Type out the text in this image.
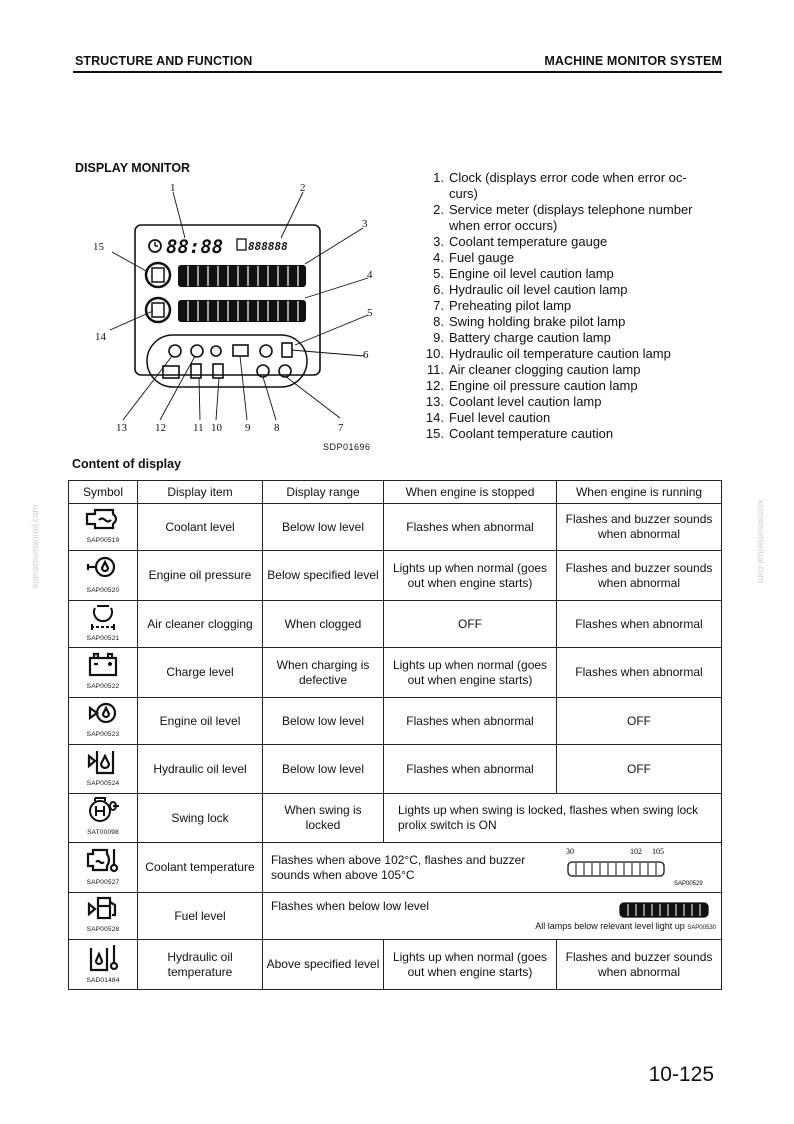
STRUCTURE AND FUNCTION	MACHINE MONITOR SYSTEM
DISPLAY MONITOR
88:88 888888
1	2
3
4
5
6
7
8
9
10
11
12
13
14
15
SDP01696
1. Clock (displays error code when error oc-
curs)
2. Service meter (displays telephone number
when error occurs)
3. Coolant temperature gauge
4. Fuel gauge
5. Engine oil level caution lamp
6. Hydraulic oil level caution lamp
7. Preheating pilot lamp
8. Swing holding brake pilot lamp
9. Battery charge caution lamp
10. Hydraulic oil temperature caution lamp
11. Air cleaner clogging caution lamp
12. Engine oil pressure caution lamp
13. Coolant level caution lamp
14. Fuel level caution
15. Coolant temperature caution
Content of display
Symbol	Display item	Display range	When engine is stopped	When engine is running

SAP00519	Coolant level	Below low level	Flashes when abnormal	Flashes and buzzer sounds when abnormal

SAP00520	Engine oil pressure	Below specified level	Lights up when normal (goes out when engine starts)	Flashes and buzzer sounds when abnormal

SAP00521	Air cleaner clogging	When clogged	OFF	Flashes when abnormal

SAP00522	Charge level	When charging is defective	Lights up when normal (goes out when engine starts)	Flashes when abnormal

SAP00523	Engine oil level	Below low level	Flashes when abnormal	OFF

SAP00524	Hydraulic oil level	Below low level	Flashes when abnormal	OFF

SAT00098	Swing lock	When swing is locked	Lights up when swing is locked, flashes when swing lock prolix switch is ON	

SAP00527	Coolant temperature	Flashes when above 102°C, flashes and buzzer sounds when above 105°C
30 102 105
SAP00529		

SAP00528	Fuel level	Flashes when below low level
All lamps below relevant level light up SAP00530		

SAD01484	Hydraulic oil temperature	Above specified level	Lights up when normal (goes out when engine starts)	Flashes and buzzer sounds when abnormal
10-125
komatsumanual.com	komatsumanual.com
